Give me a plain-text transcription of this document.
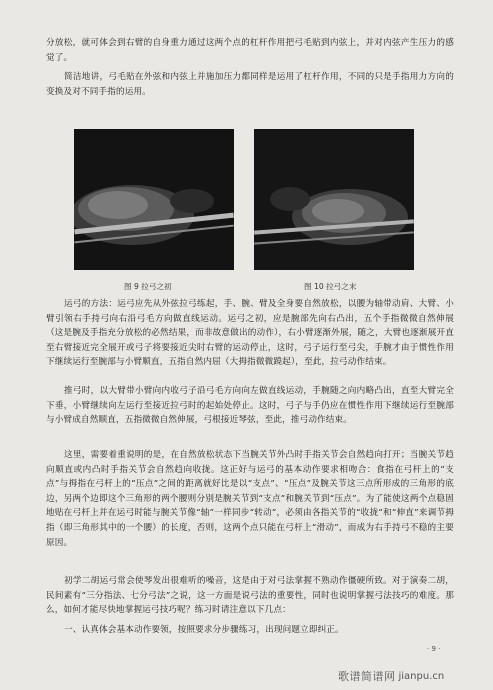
分放松，就可体会到右臂的自身重力通过这两个点的杠杆作用把弓毛贴到内弦上，并对内弦产生压力的感觉了。

简洁地讲，弓毛贴在外弦和内弦上并施加压力都同样是运用了杠杆作用，不同的只是手指用力方向的变换及对不同手指的运用。

图 9 拉弓之初	图 10 拉弓之末

运弓的方法：运弓应先从外弦拉弓练起，手、腕、臂及全身要自然放松，以腰为轴带动肩、大臂、小臂引领右手持弓向右沿弓毛方向做直线运动。运弓之初，应是腕部先向右凸出，五个手指微微自然伸展（这是腕及手指充分放松的必然结果，而非故意做出的动作），右小臂逐渐外展，随之，大臂也逐渐展开直至右臂接近完全展开或弓子将要接近尖时右臂的运动停止，这时，弓子运行至弓尖，手腕才由于惯性作用下继续运行至腕部与小臂顺直，五指自然内屈（大拇指微微蹺起），至此，拉弓动作结束。

推弓时，以大臂带小臂向内收弓子沿弓毛方向向左做直线运动，手腕随之向内略凸出，直至大臂完全下垂，小臂继续向左运行至接近拉弓时的起始处停止。这时，弓子与手仍应在惯性作用下继续运行至腕部与小臂成自然顺直，五指微微自然伸展，弓根接近琴弦，至此，推弓动作结束。

这里，需要着重说明的是，在自然放松状态下当腕关节外凸时手指关节会自然趋向打开；当腕关节趋向顺直或内凸时手指关节会自然趋向收拢。这正好与运弓的基本动作要求相吻合：食指在弓杆上的“支点”与拇指在弓杆上的“压点”之间的距离就好比是以“支点”、“压点”及腕关节这三点所形成的三角形的底边，另两个边即这个三角形的两个腰则分别是腕关节到“支点”和腕关节到“压点”。为了能使这两个点稳固地贴在弓杆上并在运弓时能与腕关节像“轴”一样同步“转动”，必须由各指关节的“收拢”和“伸直”来调节拇指（即三角形其中的一个腰）的长度，否则，这两个点只能在弓杆上“滑动”，而成为右手持弓不稳的主要原因。

初学二胡运弓常会使琴发出很难听的噪音，这是由于对弓法掌握不熟动作僵硬所致。对于演奏二胡，民间素有“三分指法、七分弓法”之说，这一方面是说弓法的重要性，同时也说明掌握弓法技巧的难度。那么，如何才能尽快地掌握运弓技巧呢？练习时请注意以下几点：

一、认真体会基本动作要领，按照要求分步骤练习，出现问题立即纠正。

· 9 ·
歌谱简谱网 jianpu.cn
